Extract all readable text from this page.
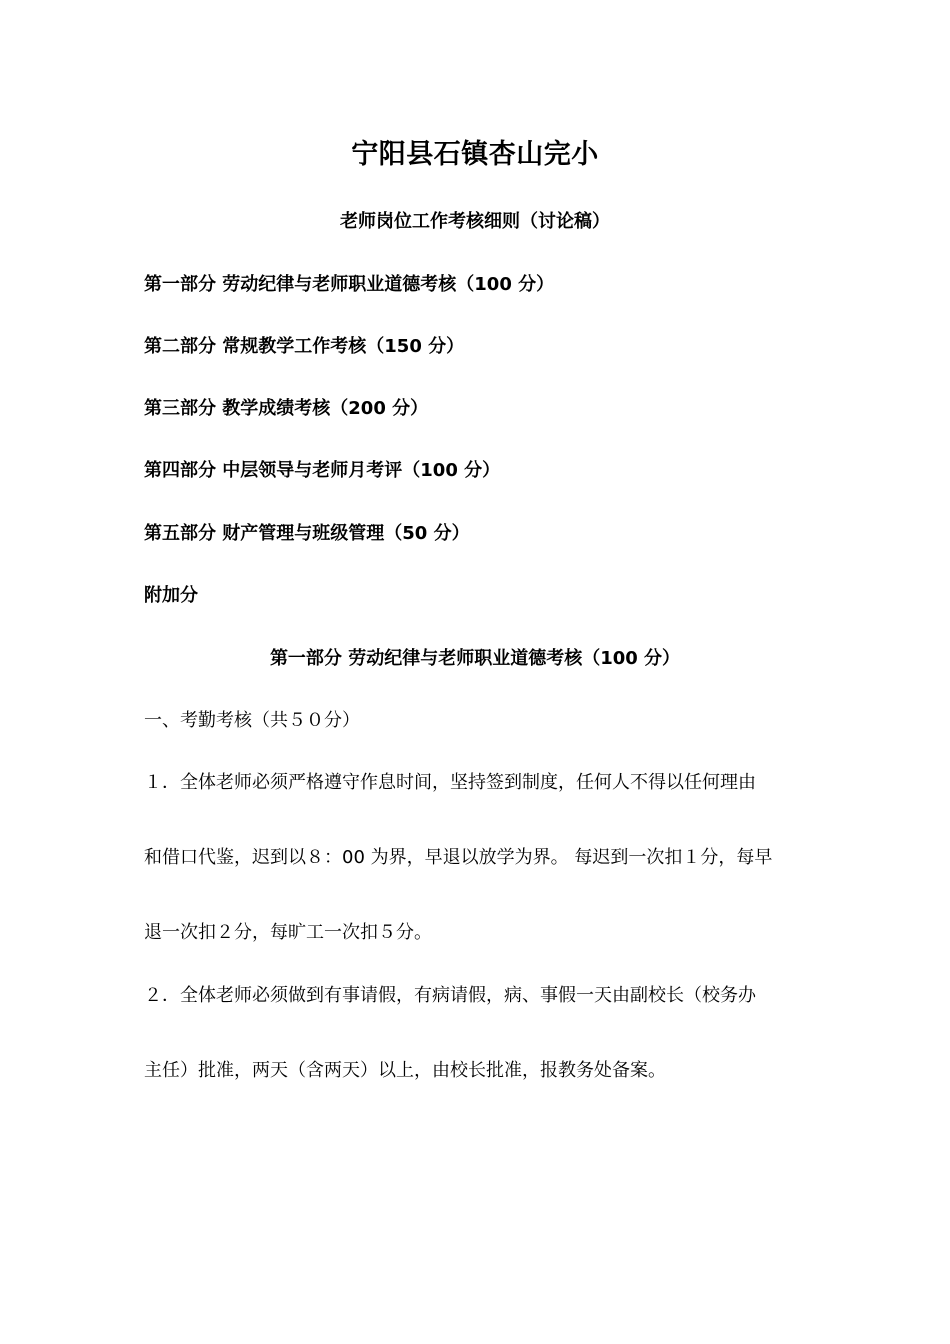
宁阳县石镇杏山完小
老师岗位工作考核细则（讨论稿）
第一部分 劳动纪律与老师职业道德考核（100 分）
第二部分 常规教学工作考核（150 分）
第三部分 教学成绩考核（200 分）
第四部分 中层领导与老师月考评（100 分）
第五部分 财产管理与班级管理（50 分）
附加分
第一部分 劳动纪律与老师职业道德考核（100 分）
一、考勤考核（共５０分）
１．全体老师必须严格遵守作息时间，坚持签到制度，任何人不得以任何理由
和借口代鉴，迟到以８：00 为界，早退以放学为界。 每迟到一次扣１分，每早
退一次扣２分，每旷工一次扣５分。
２．全体老师必须做到有事请假，有病请假，病、事假一天由副校长（校务办
主任）批准，两天（含两天）以上，由校长批准，报教务处备案。
